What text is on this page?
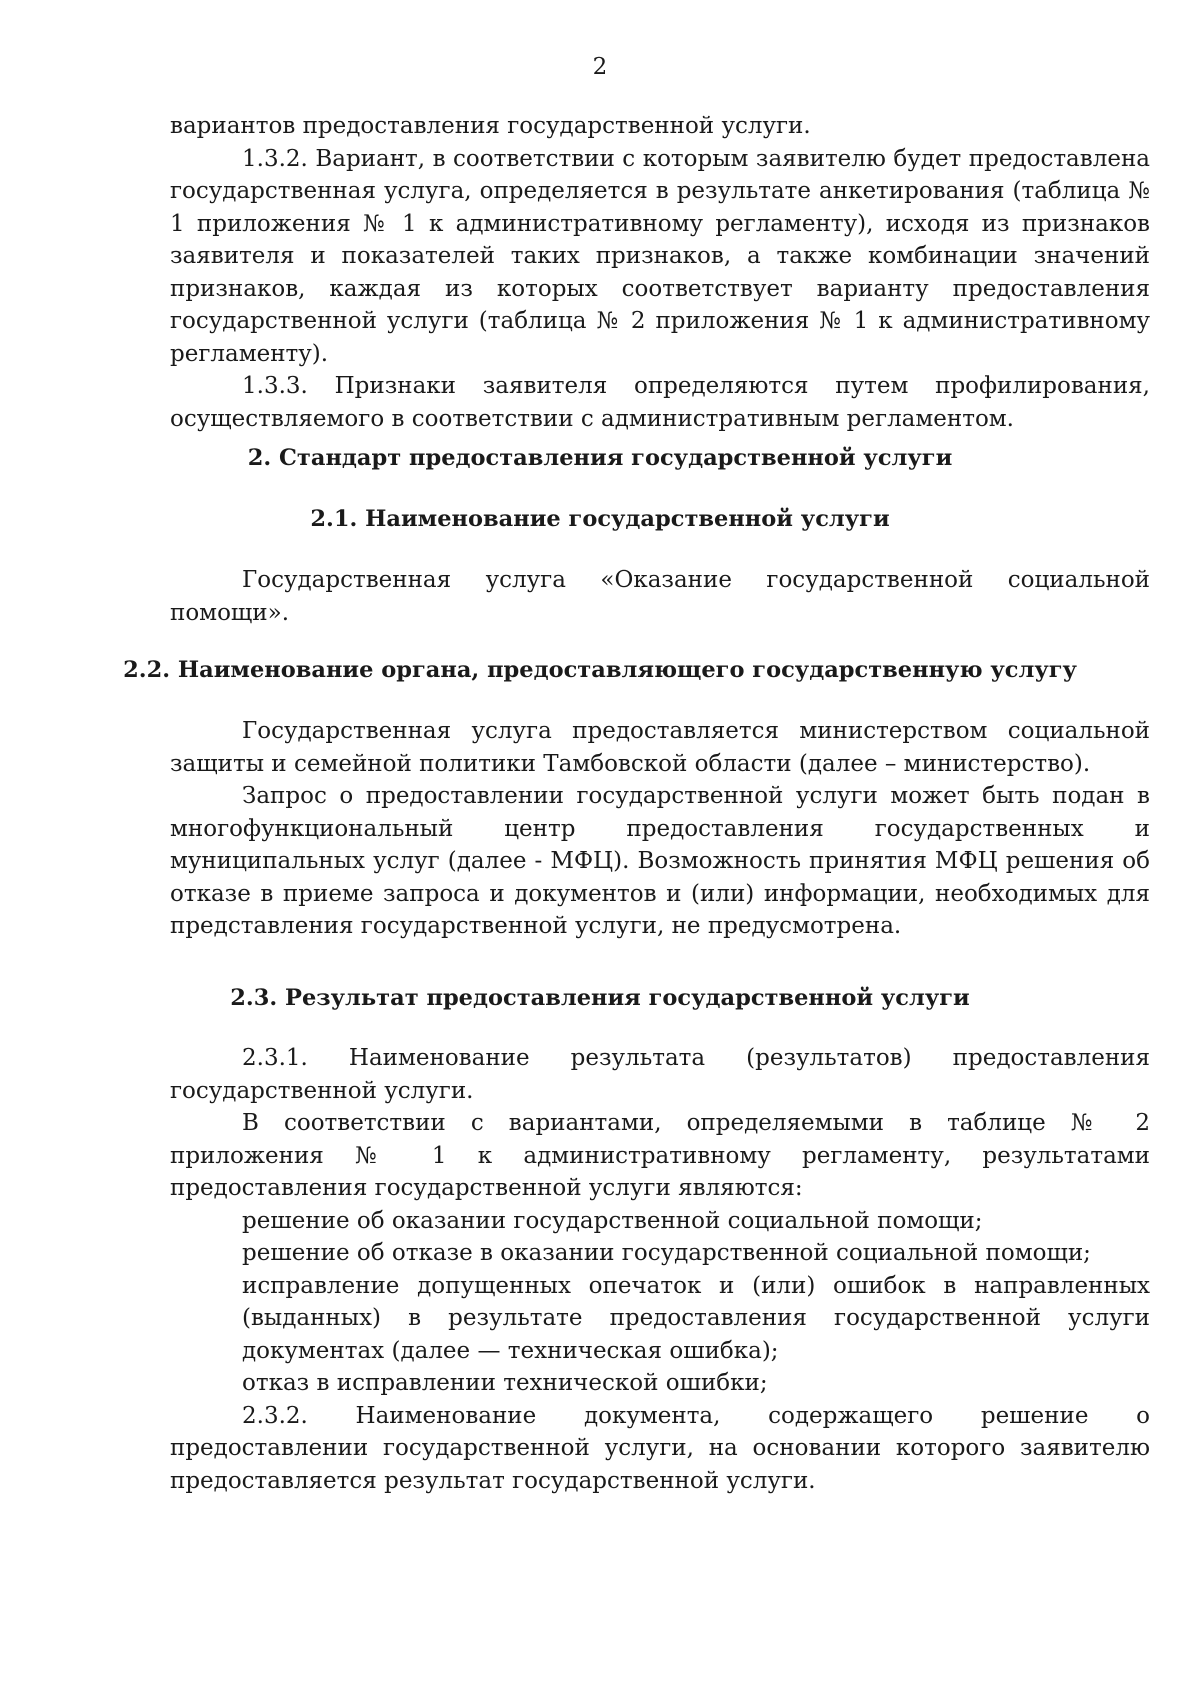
2

вариантов предоставления государственной услуги.

1.3.2. Вариант, в соответствии с которым заявителю будет предоставлена государственная услуга, определяется в результате анкетирования (таблица № 1 приложения № 1 к административному регламенту), исходя из признаков заявителя и показателей таких признаков, а также комбинации значений признаков, каждая из которых соответствует варианту предоставления государственной услуги (таблица № 2 приложения № 1 к административному регламенту).

1.3.3. Признаки заявителя определяются путем профилирования, осуществляемого в соответствии с административным регламентом.

2. Стандарт предоставления государственной услуги
2.1. Наименование государственной услуги

Государственная услуга «Оказание государственной социальной помощи».

2.2. Наименование органа, предоставляющего государственную услугу

Государственная услуга предоставляется министерством социальной защиты и семейной политики Тамбовской области (далее – министерство).

Запрос о предоставлении государственной услуги может быть подан в многофункциональный центр предоставления государственных и муниципальных услуг (далее - МФЦ). Возможность принятия МФЦ решения об отказе в приеме запроса и документов и (или) информации, необходимых для представления государственной услуги, не предусмотрена.

2.3. Результат предоставления государственной услуги

2.3.1. Наименование результата (результатов) предоставления государственной услуги.

В соответствии с вариантами, определяемыми в таблице № 2 приложения № 1 к административному регламенту, результатами предоставления государственной услуги являются:

решение об оказании государственной социальной помощи;

решение об отказе в оказании государственной социальной помощи;

исправление допущенных опечаток и (или) ошибок в направленных (выданных) в результате предоставления государственной услуги документах (далее — техническая ошибка);

отказ в исправлении технической ошибки;

2.3.2. Наименование документа, содержащего решение о предоставлении государственной услуги, на основании которого заявителю предоставляется результат государственной услуги.
